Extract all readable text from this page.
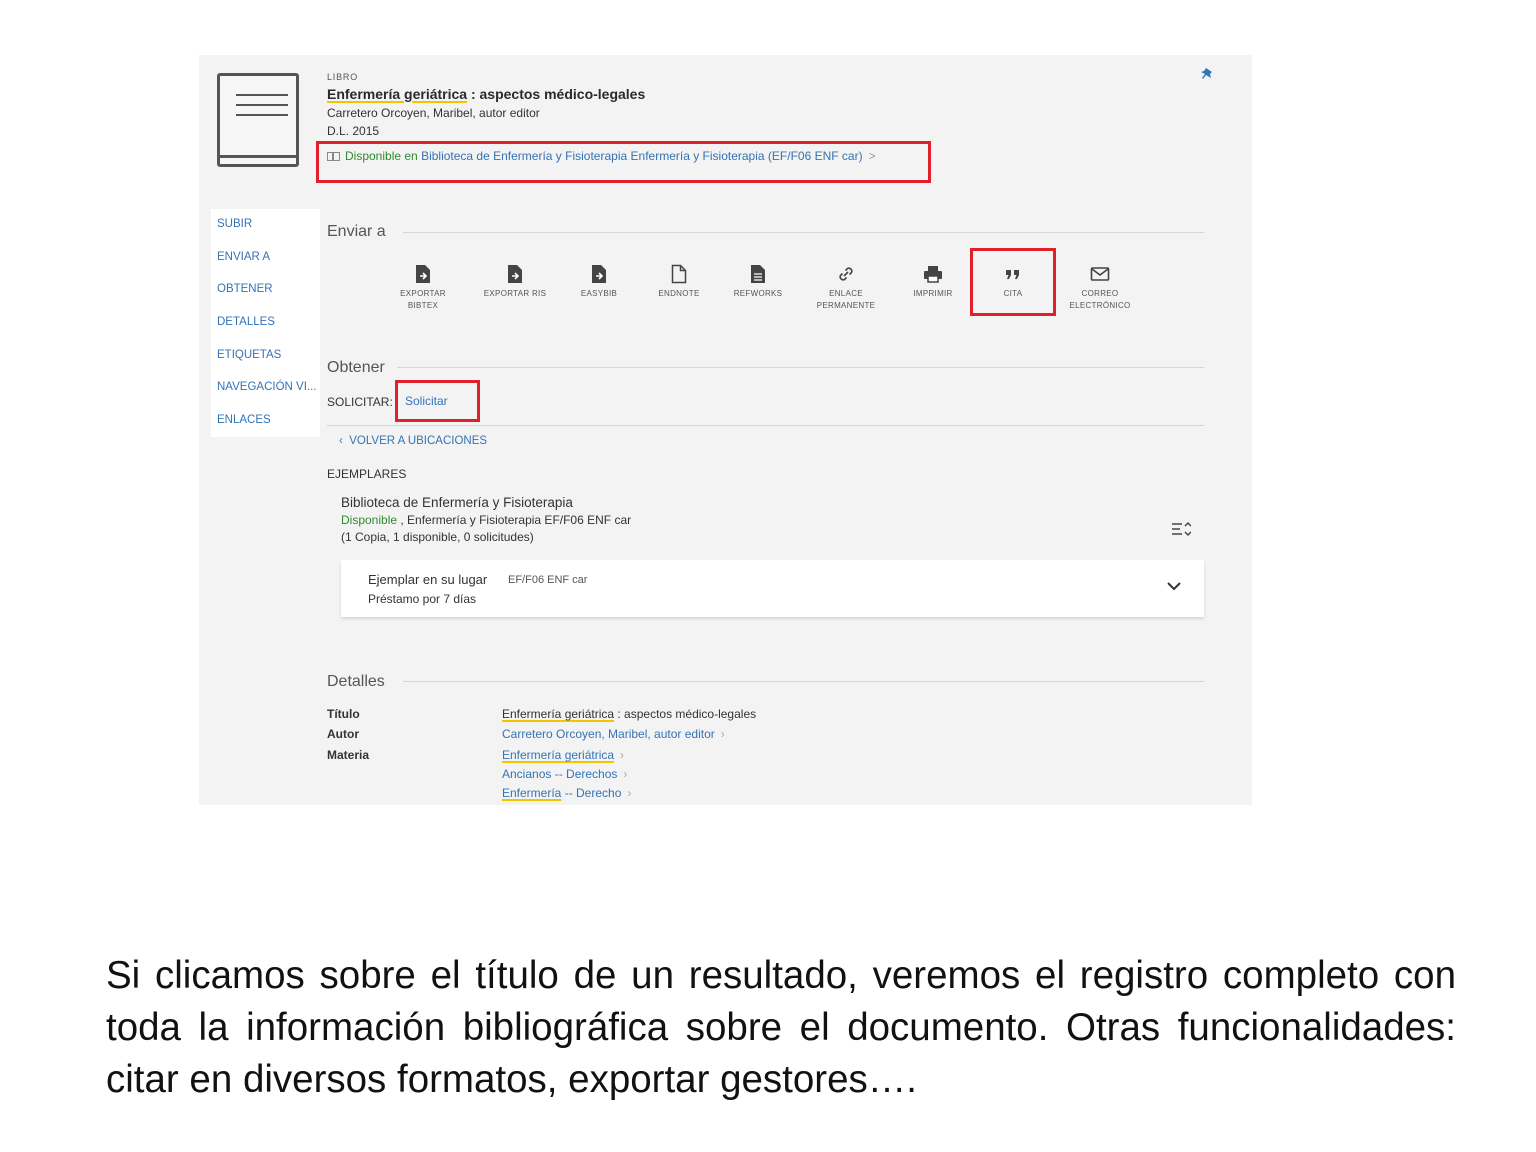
LIBRO
Enfermería geriátrica : aspectos médico-legales
Carretero Orcoyen, Maribel, autor editor
D.L. 2015
Disponible en Biblioteca de Enfermería y Fisioterapia Enfermería y Fisioterapia (EF/F06 ENF car) >
SUBIR
ENVIAR A
OBTENER
DETALLES
ETIQUETAS
NAVEGACIÓN VI...
ENLACES
Enviar a
EXPORTAR
BIBTEX
EXPORTAR RIS	EASYBIB	ENDNOTE	REFWORKS	ENLACE
PERMANENTE
IMPRIMIR	CITA	CORREO
ELECTRÓNICO
Obtener
SOLICITAR: Solicitar
‹ VOLVER A UBICACIONES
EJEMPLARES
Biblioteca de Enfermería y Fisioterapia
Disponible , Enfermería y Fisioterapia EF/F06 ENF car
(1 Copia, 1 disponible, 0 solicitudes)
Ejemplar en su lugar EF/F06 ENF car
Préstamo por 7 días
Detalles
Título	Enfermería geriátrica : aspectos médico-legales
Autor	Carretero Orcoyen, Maribel, autor editor ›
Materia	Enfermería geriátrica ›
Ancianos -- Derechos ›
Enfermería -- Derecho ›
Si clicamos sobre el título de un resultado, veremos el registro completo con toda la información bibliográfica sobre el documento. Otras funcionalidades: citar en diversos formatos, exportar gestores….
